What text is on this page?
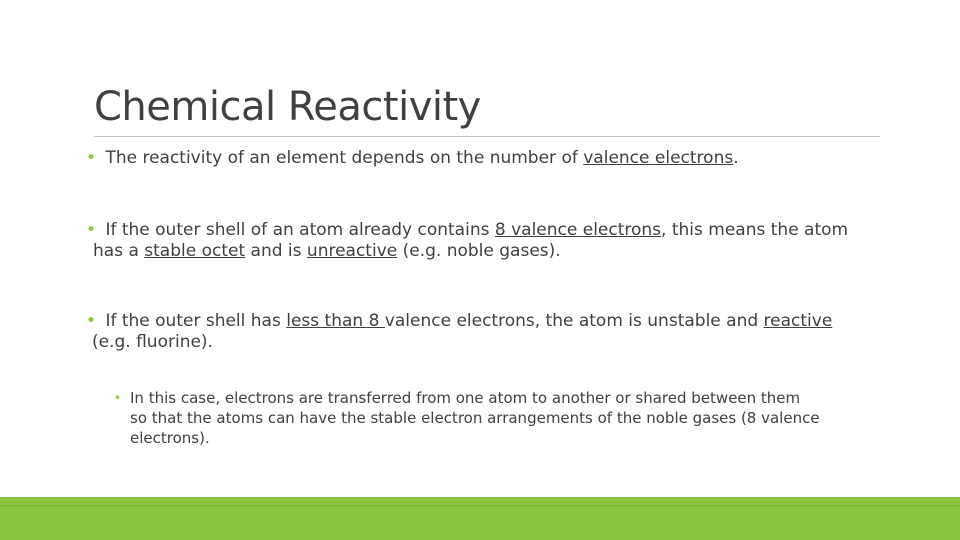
Chemical Reactivity
• The reactivity of an element depends on the number of valence electrons.
• If the outer shell of an atom already contains 8 valence electrons, this means the atom
has a stable octet and is unreactive (e.g. noble gases).
• If the outer shell has less than 8 valence electrons, the atom is unstable and reactive
(e.g. fluorine).
• In this case, electrons are transferred from one atom to another or shared between them
so that the atoms can have the stable electron arrangements of the noble gases (8 valence
electrons).
